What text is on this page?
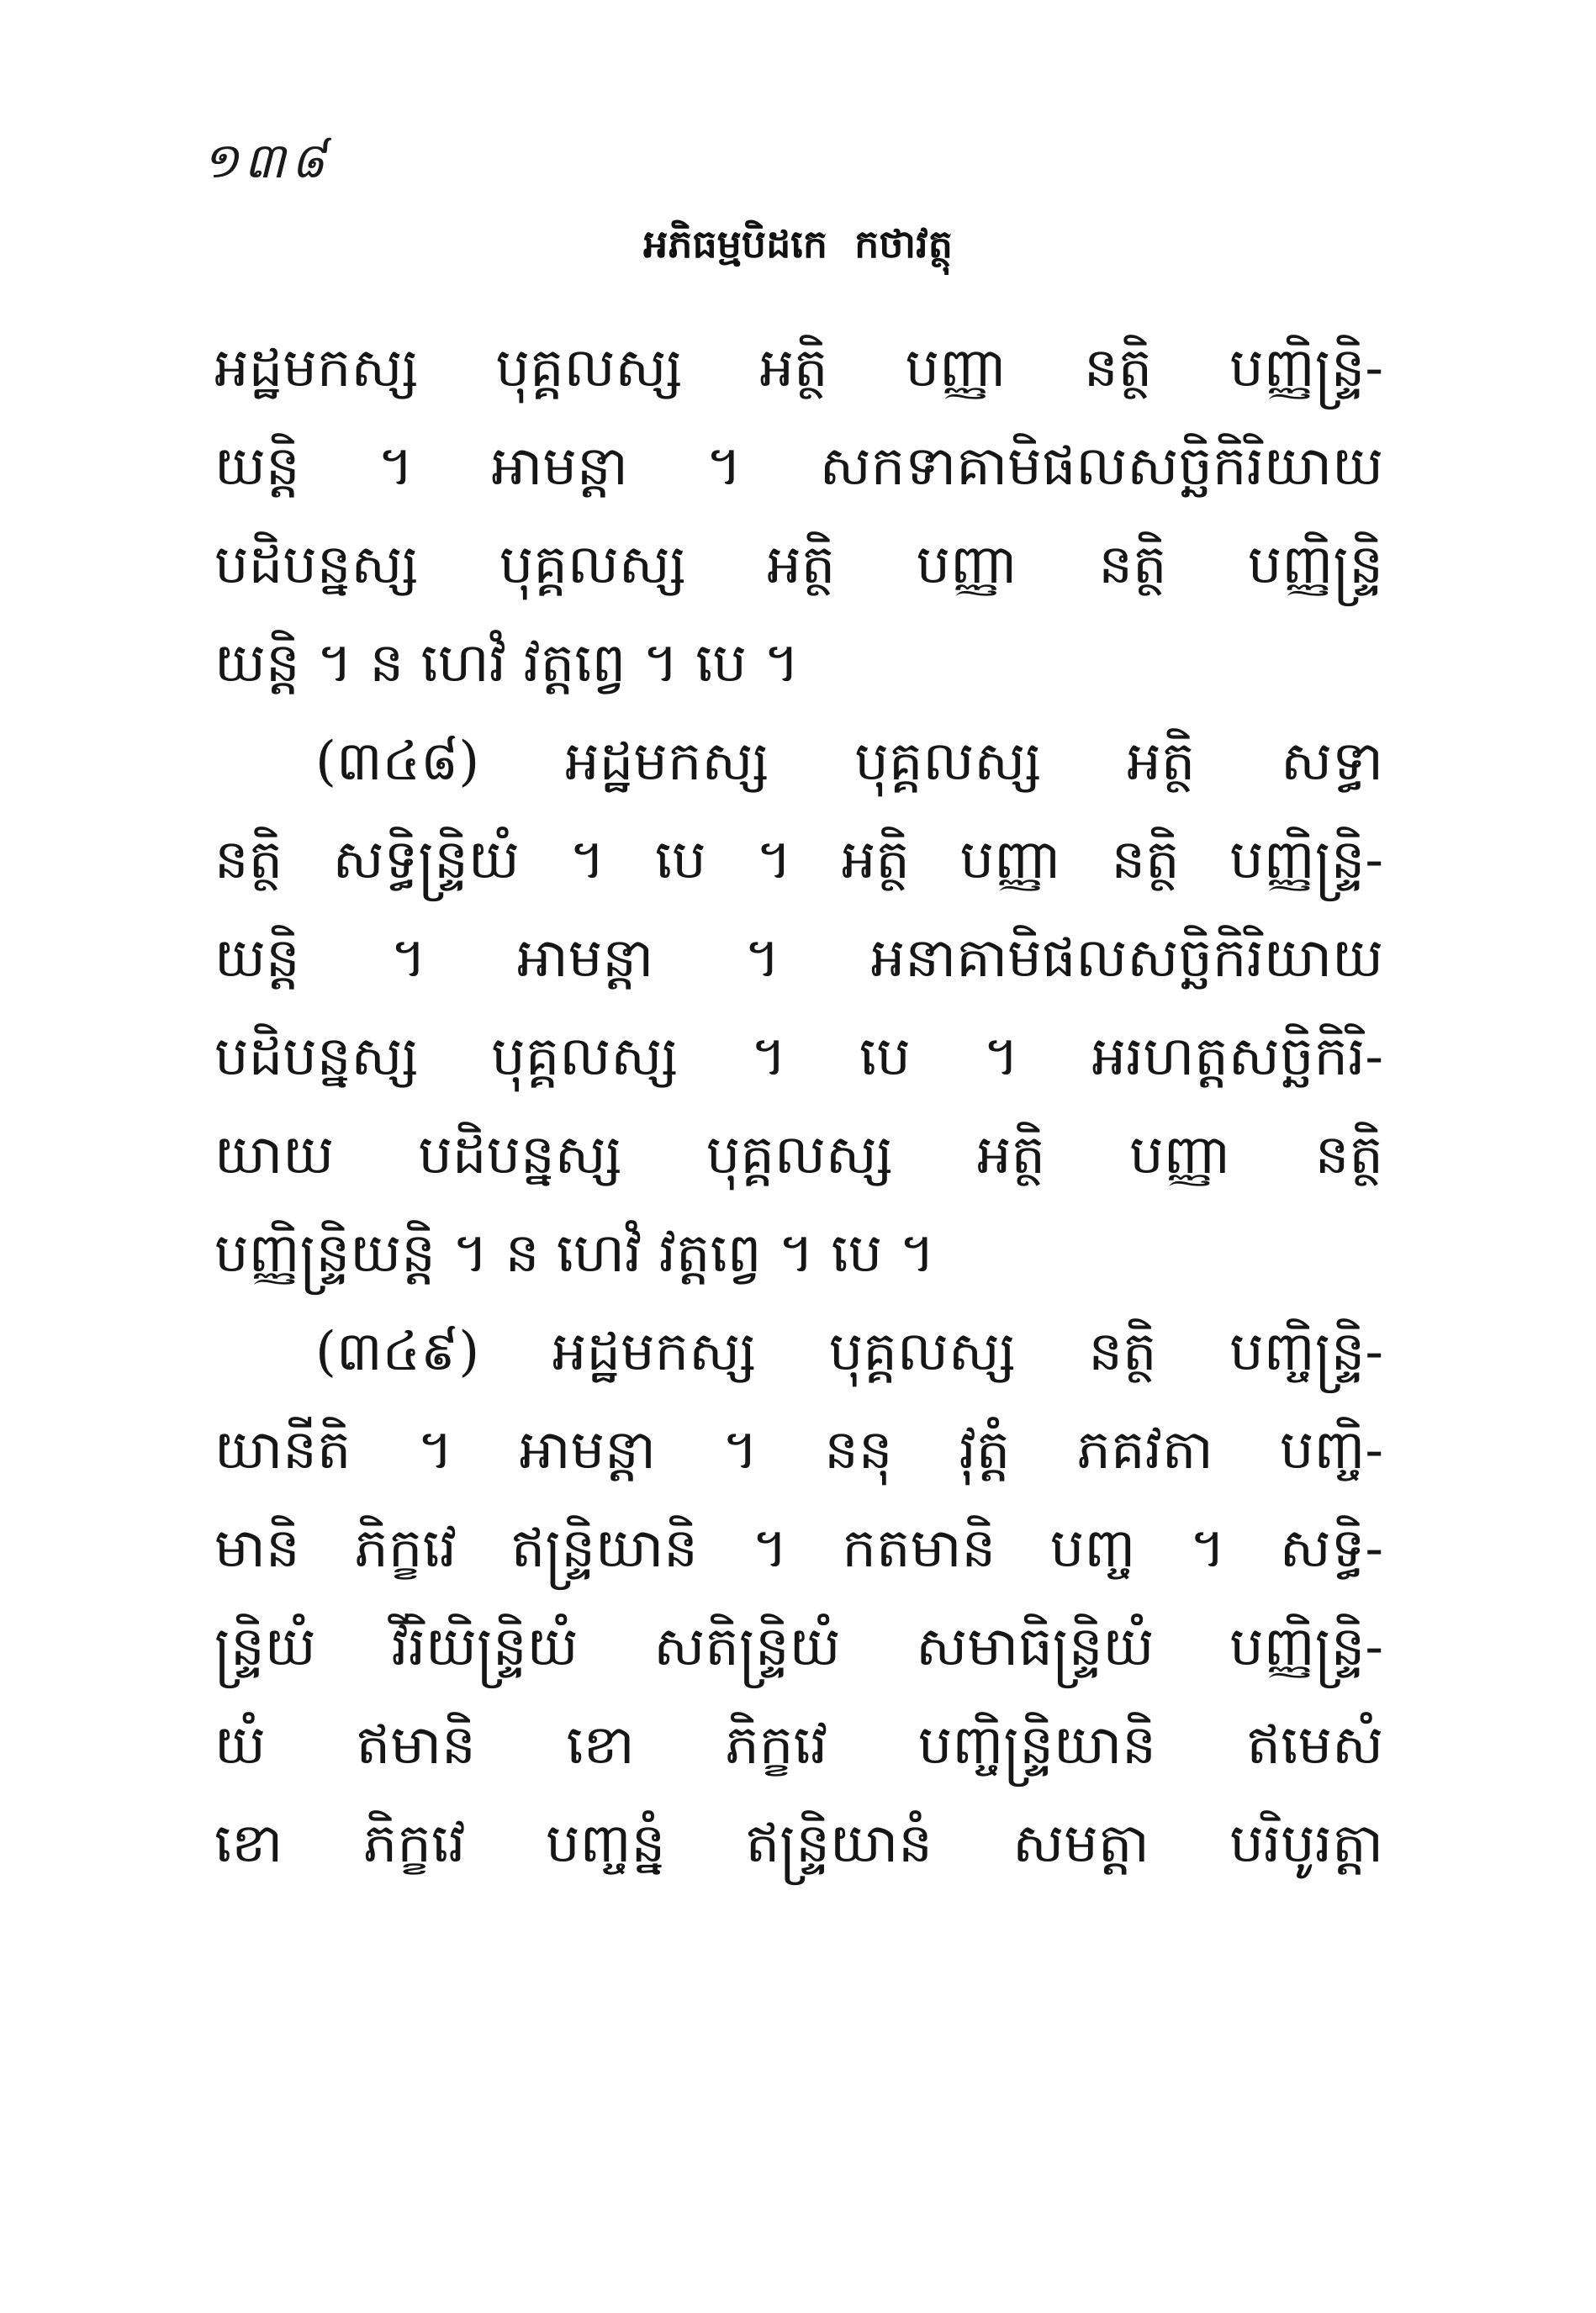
១៣៨
អភិធម្មបិដកេ  កថាវត្ថុ
អដ្ឋមកស្ស បុគ្គលស្ស អត្ថិ បញ្ញា នត្ថិ បញ្ញិន្ទ្រិ-
យន្តិ ។ អាមន្តា ។ សកទាគាមិផលសច្ឆិកិរិយាយ
បដិបន្នស្ស បុគ្គលស្ស អត្ថិ បញ្ញា នត្ថិ បញ្ញិន្ទ្រិ
យន្តិ ។ ន ហេវំ វត្តព្វេ ។ បេ ។
(៣៤៨) អដ្ឋមកស្ស បុគ្គលស្ស អត្ថិ សទ្ធា
នត្ថិ សទ្ធិន្ទ្រិយំ ។ បេ ។ អត្ថិ បញ្ញា នត្ថិ បញ្ញិន្ទ្រិ-
យន្តិ ។ អាមន្តា ។ អនាគាមិផលសច្ឆិកិរិយាយ
បដិបន្នស្ស បុគ្គលស្ស ។ បេ ។ អរហត្តសច្ឆិកិរិ-
យាយ បដិបន្នស្ស បុគ្គលស្ស អត្ថិ បញ្ញា នត្ថិ
បញ្ញិន្ទ្រិយន្តិ ។ ន ហេវំ វត្តព្វេ ។ បេ ។
(៣៤៩) អដ្ឋមកស្ស បុគ្គលស្ស នត្ថិ បញ្ចិន្ទ្រិ-
យានីតិ ។ អាមន្តា ។ ននុ វុត្តំ ភគវតា បញ្ចិ-
មានិ ភិក្ខវេ ឥន្ទ្រិយានិ ។ កតមានិ បញ្ច ។ សទ្ធិ-
ន្ទ្រិយំ វីរិយិន្ទ្រិយំ សតិន្ទ្រិយំ សមាធិន្ទ្រិយំ បញ្ញិន្ទ្រិ-
យំ ឥមានិ ខោ ភិក្ខវេ បញ្ចិន្ទ្រិយានិ ឥមេសំ
ខោ ភិក្ខវេ បញ្ចន្នំ ឥន្ទ្រិយានំ សមត្តា បរិបូរត្តា
